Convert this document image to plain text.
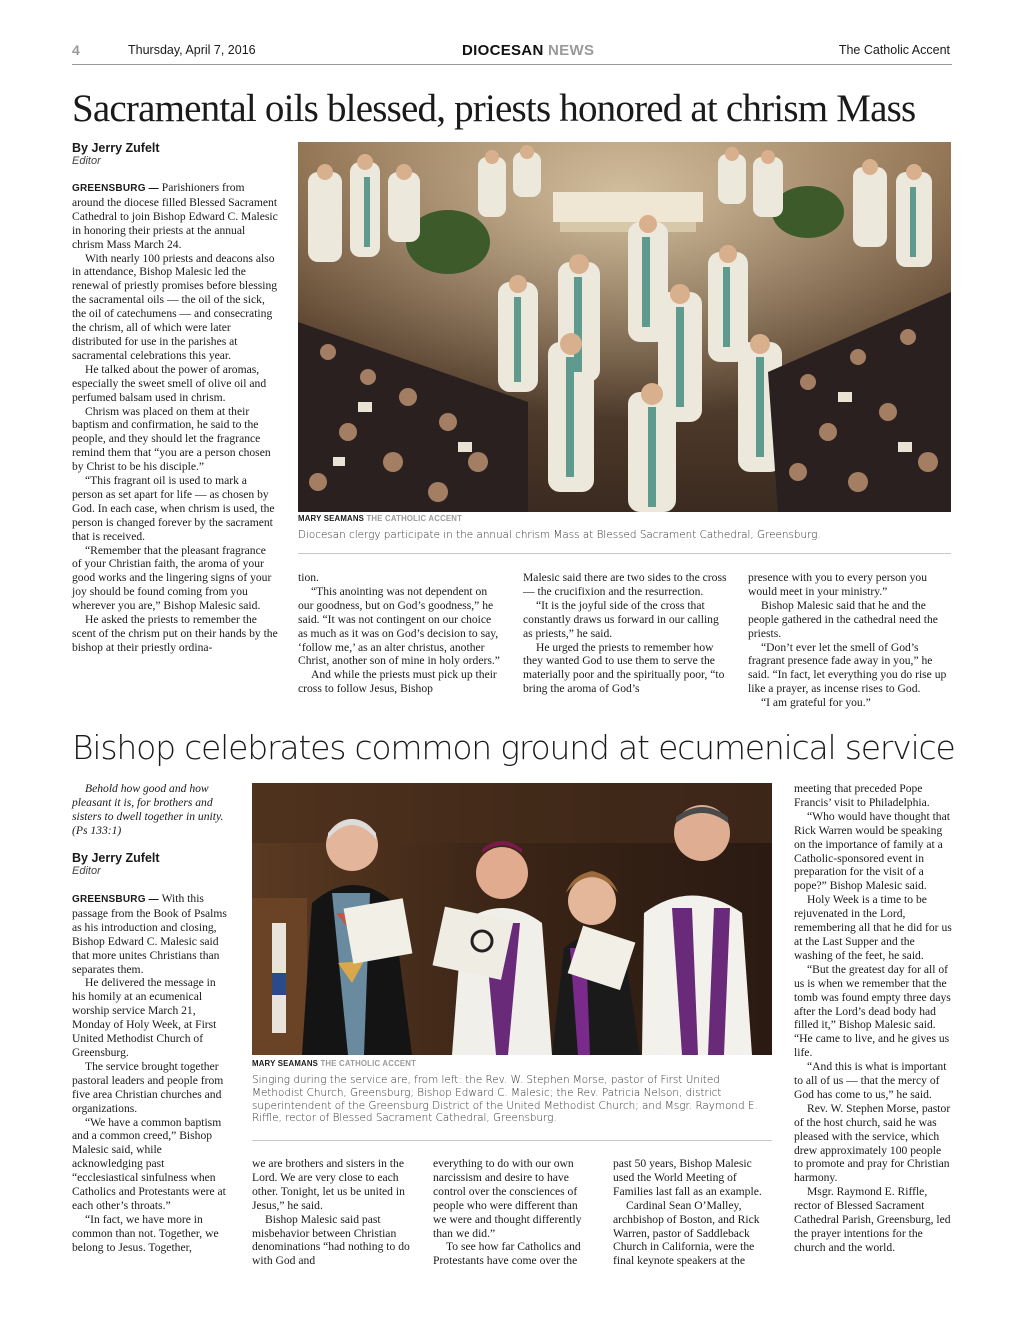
4	Thursday, April 7, 2016	DIOCESAN NEWS	The Catholic Accent
Sacramental oils blessed, priests honored at chrism Mass
By Jerry Zufelt
Editor

GREENSBURG — Parishioners from around the diocese filled Blessed Sacrament Cathedral to join Bishop Edward C. Malesic in honoring their priests at the annual chrism Mass March 24.

With nearly 100 priests and deacons also in attendance, Bishop Malesic led the renewal of priestly promises before blessing the sacramental oils — the oil of the sick, the oil of catechumens — and consecrating the chrism, all of which were later distributed for use in the parishes at sacramental celebrations this year.

He talked about the power of aromas, especially the sweet smell of olive oil and perfumed balsam used in chrism.

Chrism was placed on them at their baptism and confirmation, he said to the people, and they should let the fragrance remind them that “you are a person chosen by Christ to be his disciple.”

“This fragrant oil is used to mark a person as set apart for life — as chosen by God. In each case, when chrism is used, the person is changed forever by the sacrament that is received.

“Remember that the pleasant fragrance of your Christian faith, the aroma of your good works and the lingering signs of your joy should be found coming from you wherever you are,” Bishop Malesic said.

He asked the priests to remember the scent of the chrism put on their hands by the bishop at their priestly ordina-

MARY SEAMANS THE CATHOLIC ACCENT
Diocesan clergy participate in the annual chrism Mass at Blessed Sacrament Cathedral, Greensburg.

tion.

“This anointing was not dependent on our goodness, but on God’s goodness,” he said. “It was not contingent on our choice as much as it was on God’s decision to say, ‘follow me,’ as an alter christus, another Christ, another son of mine in holy orders.”

And while the priests must pick up their cross to follow Jesus, Bishop

Malesic said there are two sides to the cross — the crucifixion and the resurrection.

“It is the joyful side of the cross that constantly draws us forward in our calling as priests,” he said.

He urged the priests to remember how they wanted God to use them to serve the materially poor and the spiritually poor, “to bring the aroma of God’s

presence with you to every person you would meet in your ministry.”

Bishop Malesic said that he and the people gathered in the cathedral need the priests.

“Don’t ever let the smell of God’s fragrant presence fade away in you,” he said. “In fact, let everything you do rise up like a prayer, as incense rises to God.

“I am grateful for you.”

Bishop celebrates common ground at ecumenical service

Behold how good and how pleasant it is, for brothers and sisters to dwell together in unity. (Ps 133:1)

By Jerry Zufelt
Editor

GREENSBURG — With this passage from the Book of Psalms as his introduction and closing, Bishop Edward C. Malesic said that more unites Christians than separates them.

He delivered the message in his homily at an ecumenical worship service March 21, Monday of Holy Week, at First United Methodist Church of Greensburg.

The service brought together pastoral leaders and people from five area Christian churches and organizations.

“We have a common baptism and a common creed,” Bishop Malesic said, while acknowledging past “ecclesiastical sinfulness when Catholics and Protestants were at each other’s throats.”

“In fact, we have more in common than not. Together, we belong to Jesus. Together,

MARY SEAMANS THE CATHOLIC ACCENT
Singing during the service are, from left: the Rev. W. Stephen Morse, pastor of First United Methodist Church, Greensburg; Bishop Edward C. Malesic; the Rev. Patricia Nelson, district superintendent of the Greensburg District of the United Methodist Church; and Msgr. Raymond E. Riffle, rector of Blessed Sacrament Cathedral, Greensburg.

we are brothers and sisters in the Lord. We are very close to each other. Tonight, let us be united in Jesus,” he said.

Bishop Malesic said past misbehavior between Christian denominations “had nothing to do with God and

everything to do with our own narcissism and desire to have control over the consciences of people who were different than we were and thought differently than we did.”

To see how far Catholics and Protestants have come over the

past 50 years, Bishop Malesic used the World Meeting of Families last fall as an example.

Cardinal Sean O’Malley, archbishop of Boston, and Rick Warren, pastor of Saddleback Church in California, were the final keynote speakers at the

meeting that preceded Pope Francis’ visit to Philadelphia.

“Who would have thought that Rick Warren would be speaking on the importance of family at a Catholic-sponsored event in preparation for the visit of a pope?” Bishop Malesic said.

Holy Week is a time to be rejuvenated in the Lord, remembering all that he did for us at the Last Supper and the washing of the feet, he said.

“But the greatest day for all of us is when we remember that the tomb was found empty three days after the Lord’s dead body had filled it,” Bishop Malesic said. “He came to live, and he gives us life.

“And this is what is important to all of us — that the mercy of God has come to us,” he said.

Rev. W. Stephen Morse, pastor of the host church, said he was pleased with the service, which drew approximately 100 people to promote and pray for Christian harmony.

Msgr. Raymond E. Riffle, rector of Blessed Sacrament Cathedral Parish, Greensburg, led the prayer intentions for the church and the world.
